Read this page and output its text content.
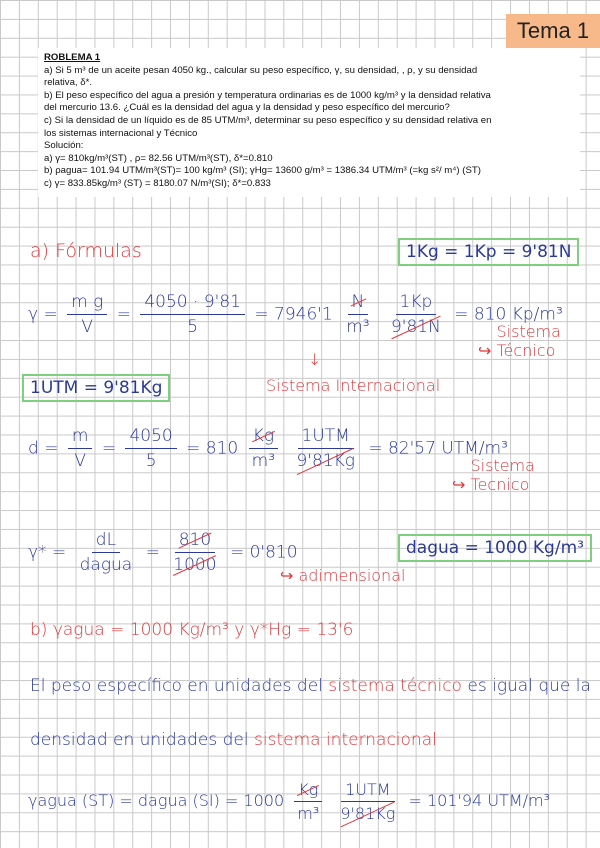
Tema 1
ROBLEMA 1
a) Si 5 m³ de un aceite pesan 4050 kg., calcular su peso específico, γ, su densidad, , ρ, y su densidad
relativa, δ*.
b) El peso específico del agua a presión y temperatura ordinarias es de 1000 kg/m³ y la densidad relativa
del mercurio 13.6. ¿Cuál es la densidad del agua y la densidad y peso específico del mercurio?
c) Si la densidad de un líquido es de 85 UTM/m³, determinar su peso específico y su densidad relativa en
los sistemas internacional y Técnico
Solución:
a) γ= 810kg/m³(ST) , ρ= 82.56 UTM/m³(ST), δ*=0.810
b) ρagua= 101.94 UTM/m³(ST)= 100 kg/m³ (SI); γHg= 13600 g/m³ = 1386.34 UTM/m³ (=kg s²/ m⁴) (ST)
c) γ= 833.85kg/m³ (ST) = 8180.07 N/m³(SI); δ*=0.833
a) Fórmulas	1Kg = 1Kp = 9'81N
$\gamma = \frac{\text{m g}}{V} = \frac{4050 \cdot 9'81}{5} = 7946'1 \frac{N}{\text{m³}}$
$\frac{1Kp}{9'81N} = 810$ Kp/m³
↪ Sistema Técnico
↓
Sistema Internacional
1UTM = 9'81Kg
$d = \frac{m}{V} = \frac{4050}{5} = 810 \frac{Kg}{\text{m³}}$
$\frac{\text{1UTM}}{9'81Kg} = 82'57$ UTM/m³
↪ Sistema Tecnico
$\gamma* = \frac{dL}{\text{dagua}} = \frac{810}{1000} = 0'810$
↪ adimensional
dagua = 1000 Kg/m³
b) γagua = 1000 Kg/m³ y γ*Hg = 13'6
El peso específico en unidades del sistema técnico es igual que la
densidad en unidades del sistema internacional
γagua (ST) = dagua $(SI) = 1000 \frac{Kg}{\text{m³}}$
$\frac{\text{1UTM}}{9'81Kg} = 101'94$ UTM/m³
